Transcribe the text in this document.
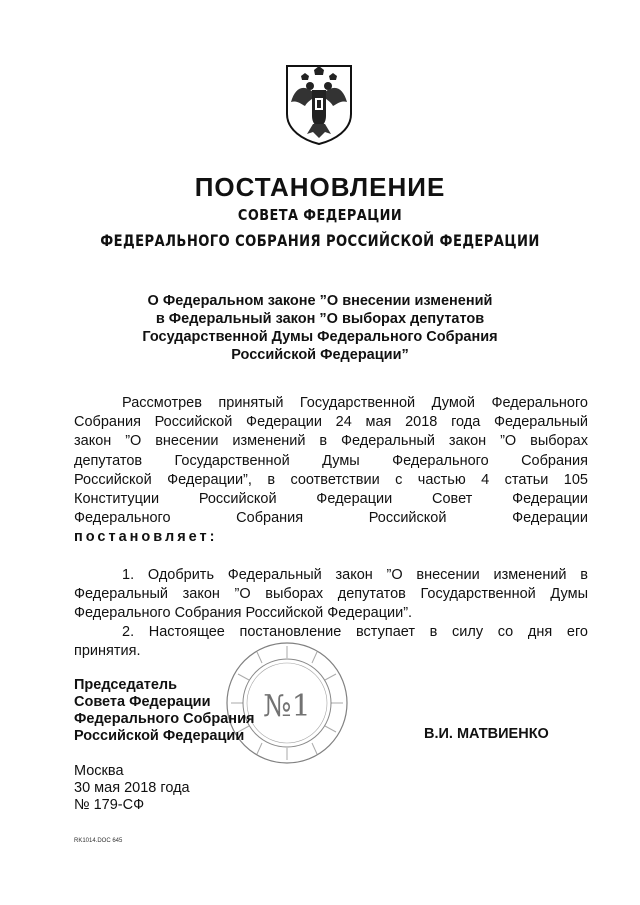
ПОСТАНОВЛЕНИЕ
СОВЕТА ФЕДЕРАЦИИ
ФЕДЕРАЛЬНОГО СОБРАНИЯ РОССИЙСКОЙ ФЕДЕРАЦИИ
О Федеральном законе ”О внесении изменений
в Федеральный закон ”О выборах депутатов
Государственной Думы Федерального Собрания
Российской Федерации”
Рассмотрев принятый Государственной Думой Федерального
Собрания Российской Федерации 24 мая 2018 года Федеральный
закон ”О внесении изменений в Федеральный закон ”О выборах
депутатов Государственной Думы Федерального Собрания
Российской Федерации”, в соответствии с частью 4 статьи 105
Конституции Российской Федерации Совет Федерации
Федерального Собрания Российской Федерации
постановляет:
1. Одобрить Федеральный закон ”О внесении изменений в
Федеральный закон ”О выборах депутатов Государственной Думы
Федерального Собрания Российской Федерации”.
2. Настоящее постановление вступает в силу со дня его
принятия.
№1
Председатель
Совета Федерации
Федерального Собрания
Российской Федерации	В.И. МАТВИЕНКО
Москва
30 мая 2018 года
№ 179-СФ
RK1014.DOC 645
